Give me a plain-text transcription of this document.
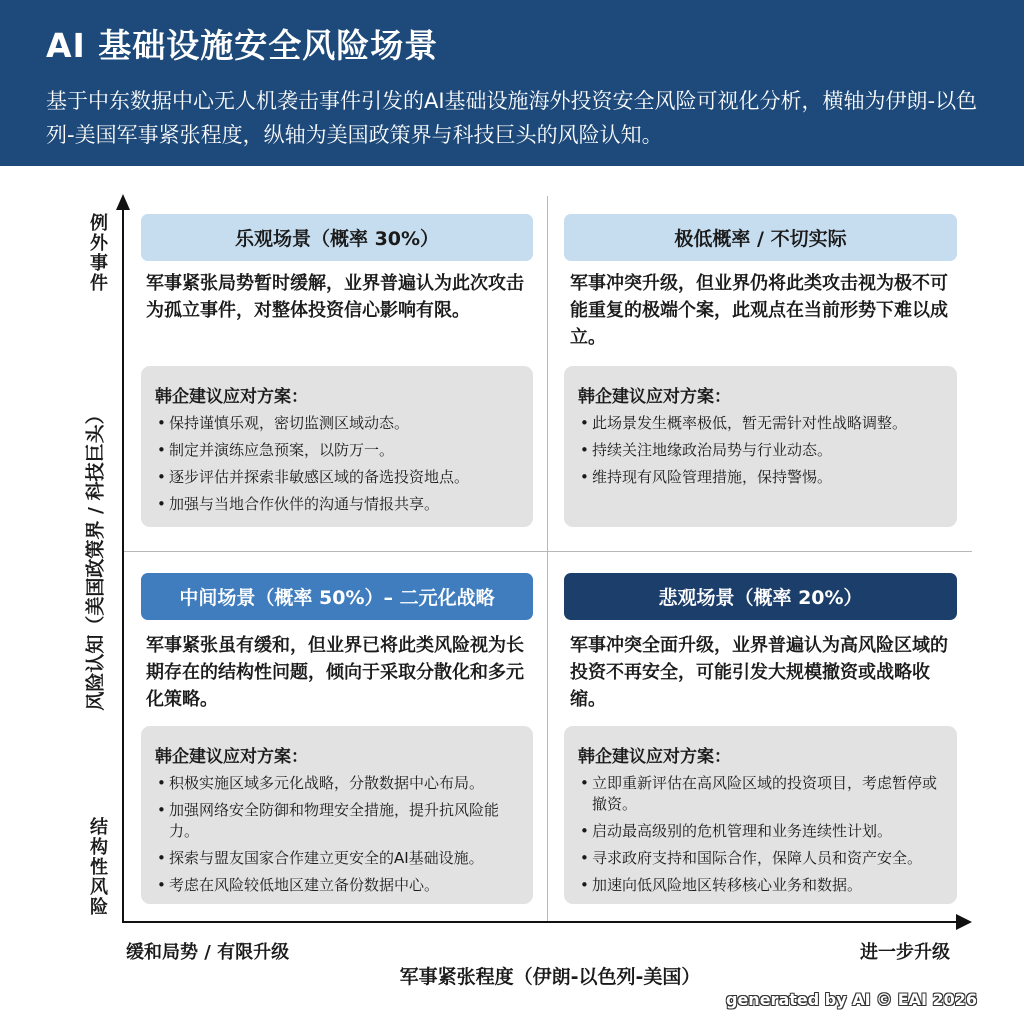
AI 基础设施安全风险场景

基于中东数据中心无人机袭击事件引发的AI基础设施海外投资安全风险可视化分析，横轴为伊朗-以色列-美国军事紧张程度，纵轴为美国政策界与科技巨头的风险认知。

例外事件
结构性风险
风险认知（美国政策界 / 科技巨头）
缓和局势 / 有限升级	进一步升级
军事紧张程度（伊朗-以色列-美国）
乐观场景（概率 30%）
军事紧张局势暂时缓解，业界普遍认为此次攻击为孤立事件，对整体投资信心影响有限。
韩企建议应对方案：
• 保持谨慎乐观，密切监测区域动态。
• 制定并演练应急预案，以防万一。
• 逐步评估并探索非敏感区域的备选投资地点。
• 加强与当地合作伙伴的沟通与情报共享。
极低概率 / 不切实际
军事冲突升级，但业界仍将此类攻击视为极不可能重复的极端个案，此观点在当前形势下难以成立。
韩企建议应对方案：
• 此场景发生概率极低，暂无需针对性战略调整。
• 持续关注地缘政治局势与行业动态。
• 维持现有风险管理措施，保持警惕。
中间场景（概率 50%）– 二元化战略
军事紧张虽有缓和，但业界已将此类风险视为长期存在的结构性问题，倾向于采取分散化和多元化策略。
韩企建议应对方案：
• 积极实施区域多元化战略，分散数据中心布局。
• 加强网络安全防御和物理安全措施，提升抗风险能力。
• 探索与盟友国家合作建立更安全的AI基础设施。
• 考虑在风险较低地区建立备份数据中心。
悲观场景（概率 20%）
军事冲突全面升级，业界普遍认为高风险区域的投资不再安全，可能引发大规模撤资或战略收缩。
韩企建议应对方案：
• 立即重新评估在高风险区域的投资项目，考虑暂停或撤资。
• 启动最高级别的危机管理和业务连续性计划。
• 寻求政府支持和国际合作，保障人员和资产安全。
• 加速向低风险地区转移核心业务和数据。
generated by AI © EAI 2026
